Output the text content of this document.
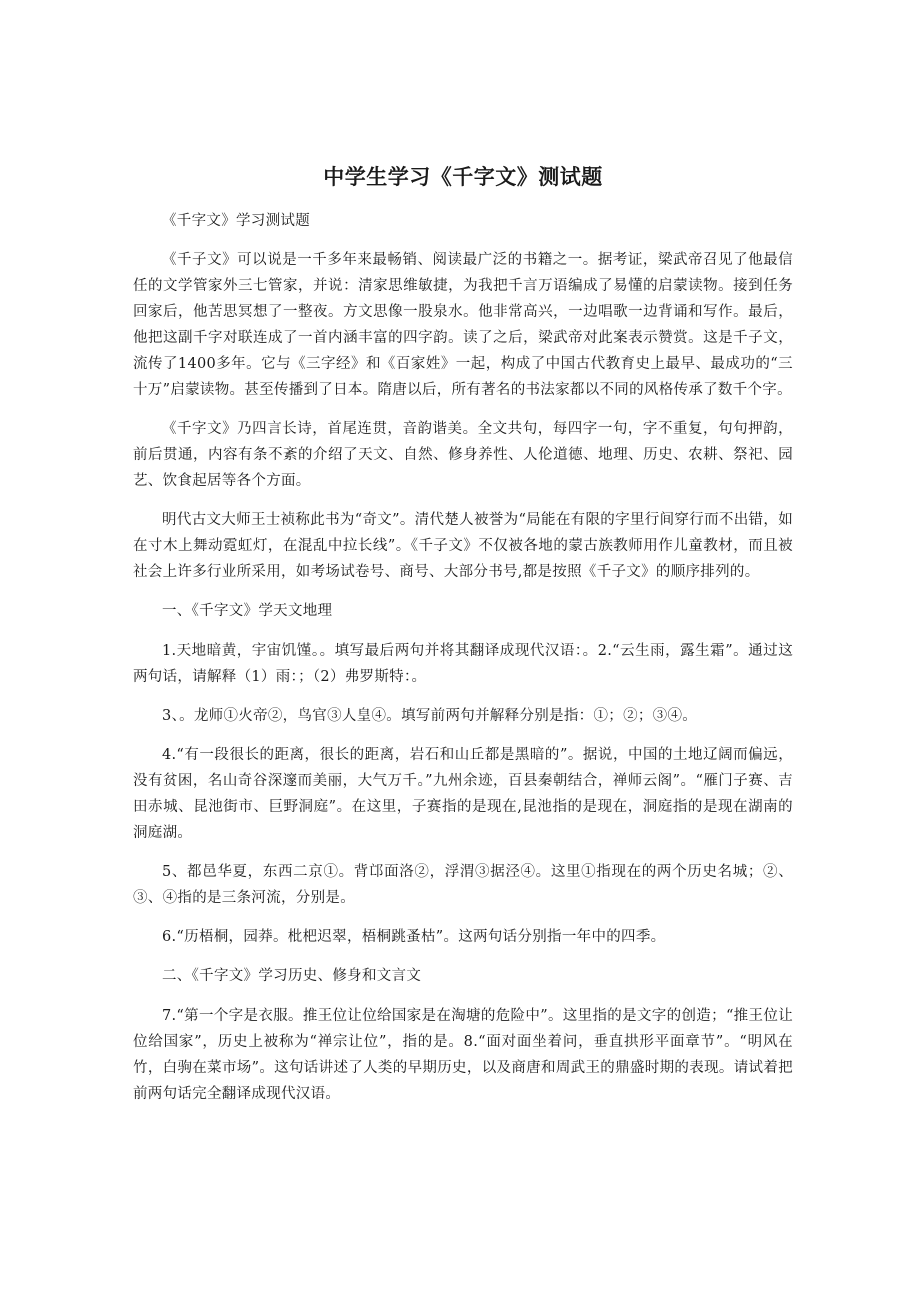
中学生学习《千字文》测试题

《千字文》学习测试题

《千子文》可以说是一千多年来最畅销、阅读最广泛的书籍之一。据考证，梁武帝召见了他最信任的文学管家外三七管家，并说：清家思维敏捷，为我把千言万语编成了易懂的启蒙读物。接到任务回家后，他苦思冥想了一整夜。方文思像一股泉水。他非常高兴，一边唱歌一边背诵和写作。最后，他把这副千字对联连成了一首内涵丰富的四字韵。读了之后，梁武帝对此案表示赞赏。这是千子文，流传了1400多年。它与《三字经》和《百家姓》一起，构成了中国古代教育史上最早、最成功的“三十万”启蒙读物。甚至传播到了日本。隋唐以后，所有著名的书法家都以不同的风格传承了数千个字。

《千字文》乃四言长诗，首尾连贯，音韵谐美。全文共句，每四字一句，字不重复，句句押韵，前后贯通，内容有条不紊的介绍了天文、自然、修身养性、人伦道德、地理、历史、农耕、祭祀、园艺、饮食起居等各个方面。

明代古文大师王士祯称此书为“奇文”。清代楚人被誉为“局能在有限的字里行间穿行而不出错，如在寸木上舞动霓虹灯，在混乱中拉长线”。《千子文》不仅被各地的蒙古族教师用作儿童教材，而且被社会上许多行业所采用，如考场试卷号、商号、大部分书号,都是按照《千子文》的顺序排列的。

一、《千字文》学天文地理

1.天地暗黄，宇宙饥馑。。填写最后两句并将其翻译成现代汉语：。2.“云生雨，露生霜”。通过这两句话，请解释（1）雨：；（2）弗罗斯特：。

3、。龙师①火帝②，鸟官③人皇④。填写前两句并解释分别是指：①；②；③④。

4.“有一段很长的距离，很长的距离，岩石和山丘都是黑暗的”。据说，中国的土地辽阔而偏远，没有贫困，名山奇谷深邃而美丽，大气万千。”九州余迹，百县秦朝结合，禅师云阁”。“雁门子赛、吉田赤城、昆池街市、巨野洞庭”。在这里，子赛指的是现在,昆池指的是现在，洞庭指的是现在湖南的洞庭湖。

5、都邑华夏，东西二京①。背邙面洛②，浮渭③据泾④。这里①指现在的两个历史名城；②、③、④指的是三条河流，分别是。

6.“历梧桐，园莽。枇杷迟翠，梧桐跳蚤枯”。这两句话分别指一年中的四季。

二、《千字文》学习历史、修身和文言文

7.“第一个字是衣服。推王位让位给国家是在淘塘的危险中”。这里指的是文字的创造；“推王位让位给国家”，历史上被称为“禅宗让位”，指的是。8.“面对面坐着问，垂直拱形平面章节”。“明风在竹，白驹在菜市场”。这句话讲述了人类的早期历史，以及商唐和周武王的鼎盛时期的表现。请试着把前两句话完全翻译成现代汉语。
